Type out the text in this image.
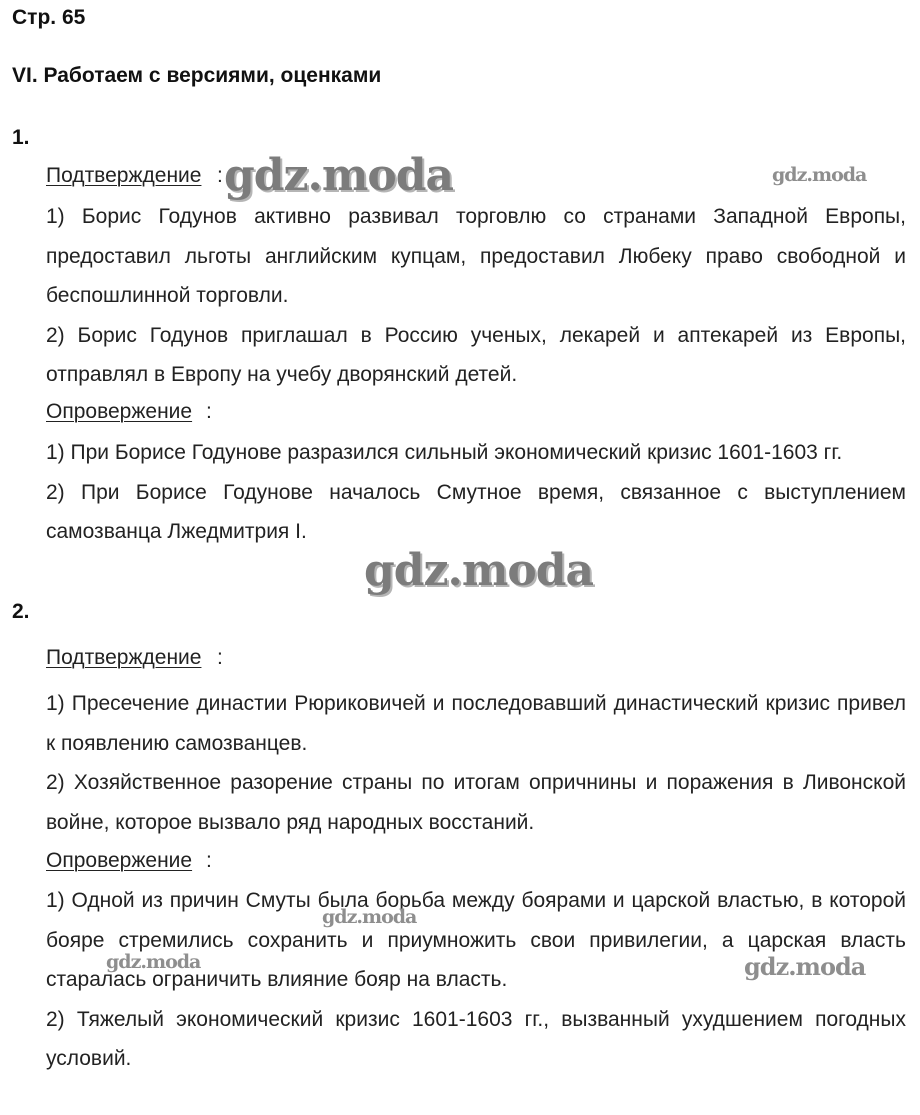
Стр. 65
VI. Работаем с версиями, оценками
1.
Подтверждение :

1) Борис Годунов активно развивал торговлю со странами Западной Европы, предоставил льготы английским купцам, предоставил Любеку право свободной и беспошлинной торговли.

2) Борис Годунов приглашал в Россию ученых, лекарей и аптекарей из Европы, отправлял в Европу на учебу дворянский детей.

Опровержение :

1) При Борисе Годунове разразился сильный экономический кризис 1601-1603 гг.

2) При Борисе Годунове началось Смутное время, связанное с выступлением самозванца Лжедмитрия I.

2.
Подтверждение :

1) Пресечение династии Рюриковичей и последовавший династический кризис привел к появлению самозванцев.

2) Хозяйственное разорение страны по итогам опричнины и поражения в Ливонской войне, которое вызвало ряд народных восстаний.

Опровержение :

1) Одной из причин Смуты была борьба между боярами и царской властью, в которой бояре стремились сохранить и приумножить свои привилегии, а царская власть старалась ограничить влияние бояр на власть.

2) Тяжелый экономический кризис 1601-1603 гг., вызванный ухудшением погодных условий.

gdz.moda	gdz.moda
gdz.moda
gdz.moda
gdz.moda	gdz.moda
